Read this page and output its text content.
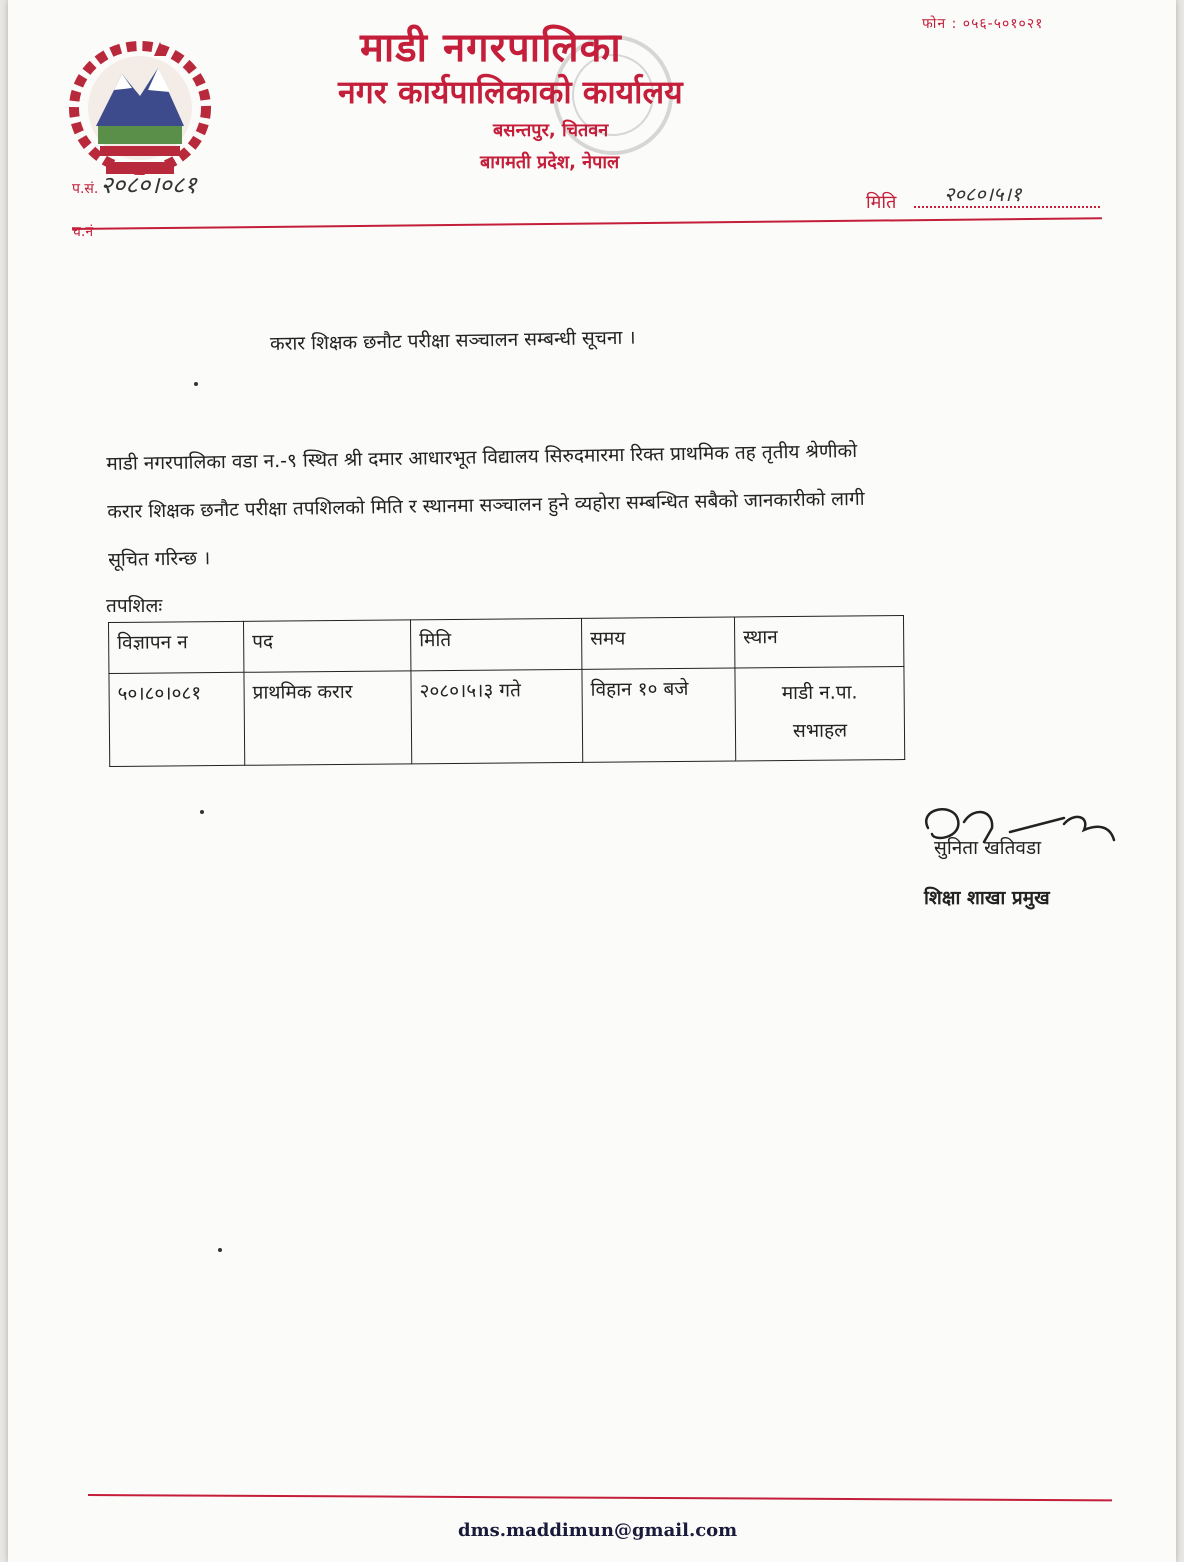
माडी नगरपालिका
नगर कार्यपालिकाको कार्यालय
बसन्तपुर, चितवन
बागमती प्रदेश, नेपाल
फोन : ०५६-५०१०२१
प.सं.२०८०।०८१
च.नं
मिति २०८०।५।१
करार शिक्षक छनौट परीक्षा सञ्चालन सम्बन्धी सूचना ।

माडी नगरपालिका वडा न.-९ स्थित श्री दमार आधारभूत विद्यालय सिरुदमारमा रिक्त प्राथमिक तह तृतीय श्रेणीको

करार शिक्षक छनौट परीक्षा तपशिलको मिति र स्थानमा सञ्चालन हुने व्यहोरा सम्बन्धित सबैको जानकारीको लागी

सूचित गरिन्छ ।

तपशिलः
विज्ञापन न	पद	मिति	समय	स्थान
५०।८०।०८१	प्राथमिक करार	२०८०।५।३ गते	विहान १० बजे	माडी न.पा.
सभाहल
सुनिता खतिवडा
शिक्षा शाखा प्रमुख
dms.maddimun@gmail.com
